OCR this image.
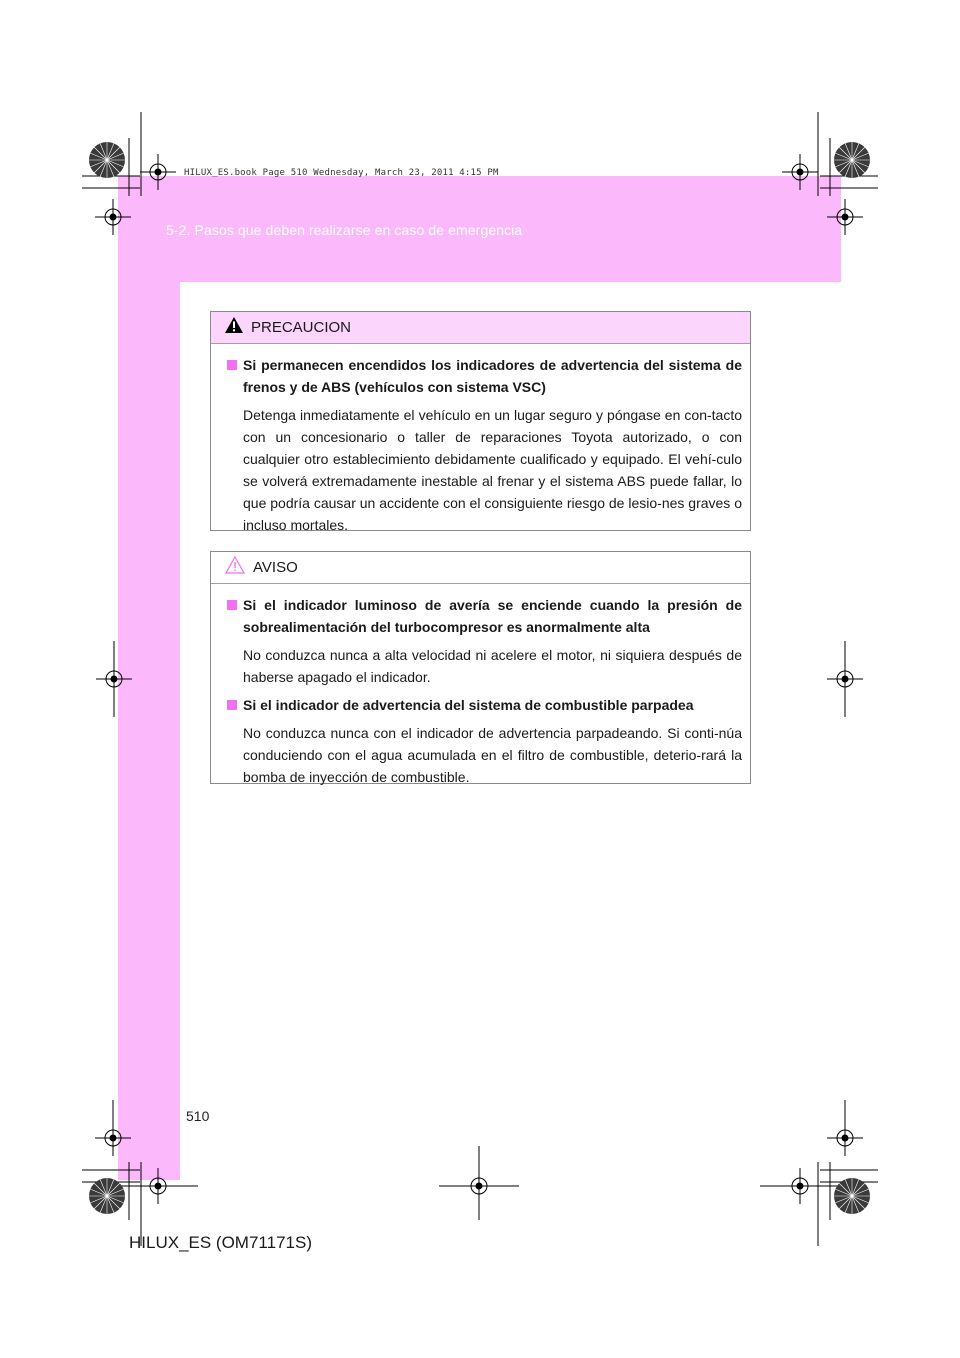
5-2. Pasos que deben realizarse en caso de emergencia
HILUX_ES.book Page 510 Wednesday, March 23, 2011 4:15 PM
PRECAUCION
Si permanecen encendidos los indicadores de advertencia del sistema de frenos y de ABS (vehículos con sistema VSC)
Detenga inmediatamente el vehículo en un lugar seguro y póngase en con-tacto con un concesionario o taller de reparaciones Toyota autorizado, o con cualquier otro establecimiento debidamente cualificado y equipado. El vehí-culo se volverá extremadamente inestable al frenar y el sistema ABS puede fallar, lo que podría causar un accidente con el consiguiente riesgo de lesio-nes graves o incluso mortales.
AVISO
Si el indicador luminoso de avería se enciende cuando la presión de sobrealimentación del turbocompresor es anormalmente alta
No conduzca nunca a alta velocidad ni acelere el motor, ni siquiera después de haberse apagado el indicador.
Si el indicador de advertencia del sistema de combustible parpadea
No conduzca nunca con el indicador de advertencia parpadeando. Si conti-núa conduciendo con el agua acumulada en el filtro de combustible, deterio-rará la bomba de inyección de combustible.
510
HILUX_ES (OM71171S)
